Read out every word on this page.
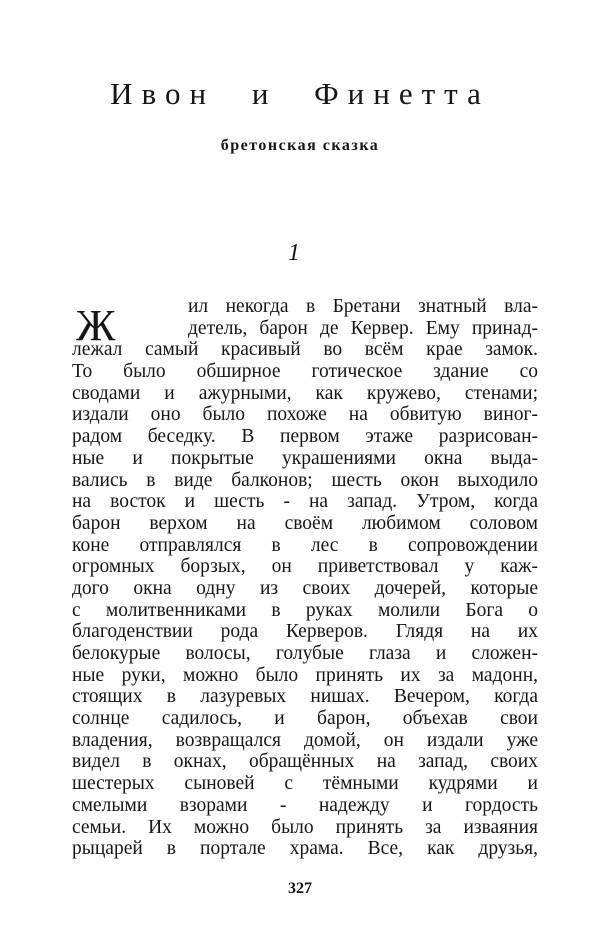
Ивон и Финетта
бретонская сказка
1
Ж	ил некогда в Бретани знатный вла-
детель, барон де Кервер. Ему принад-
лежал самый красивый во всём крае замок.
То было обширное готическое здание со
сводами и ажурными, как кружево, стенами;
издали оно было похоже на обвитую виног-
радом беседку. В первом этаже разрисован-
ные и покрытые украшениями окна выда-
вались в виде балконов; шесть окон выходило
на восток и шесть - на запад. Утром, когда
барон верхом на своём любимом соловом
коне отправлялся в лес в сопровождении
огромных борзых, он приветствовал у каж-
дого окна одну из своих дочерей, которые
с молитвенниками в руках молили Бога о
благоденствии рода Керверов. Глядя на их
белокурые волосы, голубые глаза и сложен-
ные руки, можно было принять их за мадонн,
стоящих в лазуревых нишах. Вечером, когда
солнце садилось, и барон, объехав свои
владения, возвращался домой, он издали уже
видел в окнах, обращённых на запад, своих
шестерых сыновей с тёмными кудрями и
смелыми взорами - надежду и гордость
семьи. Их можно было принять за изваяния
рыцарей в портале храма. Все, как друзья,
327
